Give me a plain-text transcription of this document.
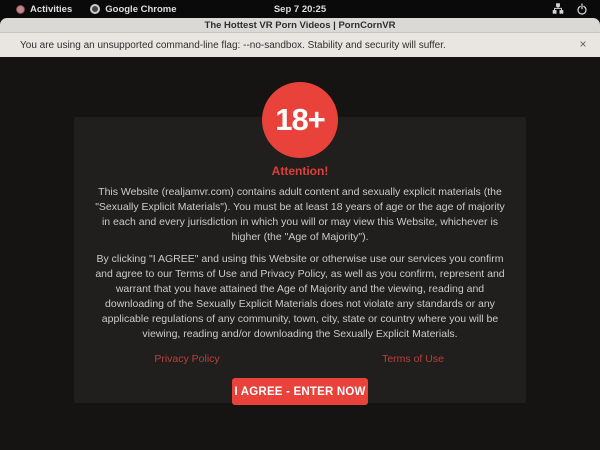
Activities	Google Chrome	Sep 7 20:25
The Hottest VR Porn Videos | PornCornVR
You are using an unsupported command-line flag: --no-sandbox. Stability and security will suffer.	×
18+
Attention!

This Website (realjamvr.com) contains adult content and sexually explicit materials (the "Sexually Explicit Materials"). You must be at least 18 years of age or the age of majority in each and every jurisdiction in which you will or may view this Website, whichever is higher (the "Age of Majority").

By clicking "I AGREE" and using this Website or otherwise use our services you confirm and agree to our Terms of Use and Privacy Policy, as well as you confirm, represent and warrant that you have attained the Age of Majority and the viewing, reading and downloading of the Sexually Explicit Materials does not violate any standards or any applicable regulations of any community, town, city, state or country where you will be viewing, reading and/or downloading the Sexually Explicit Materials.

Privacy Policy	Terms of Use
I AGREE - ENTER NOW
